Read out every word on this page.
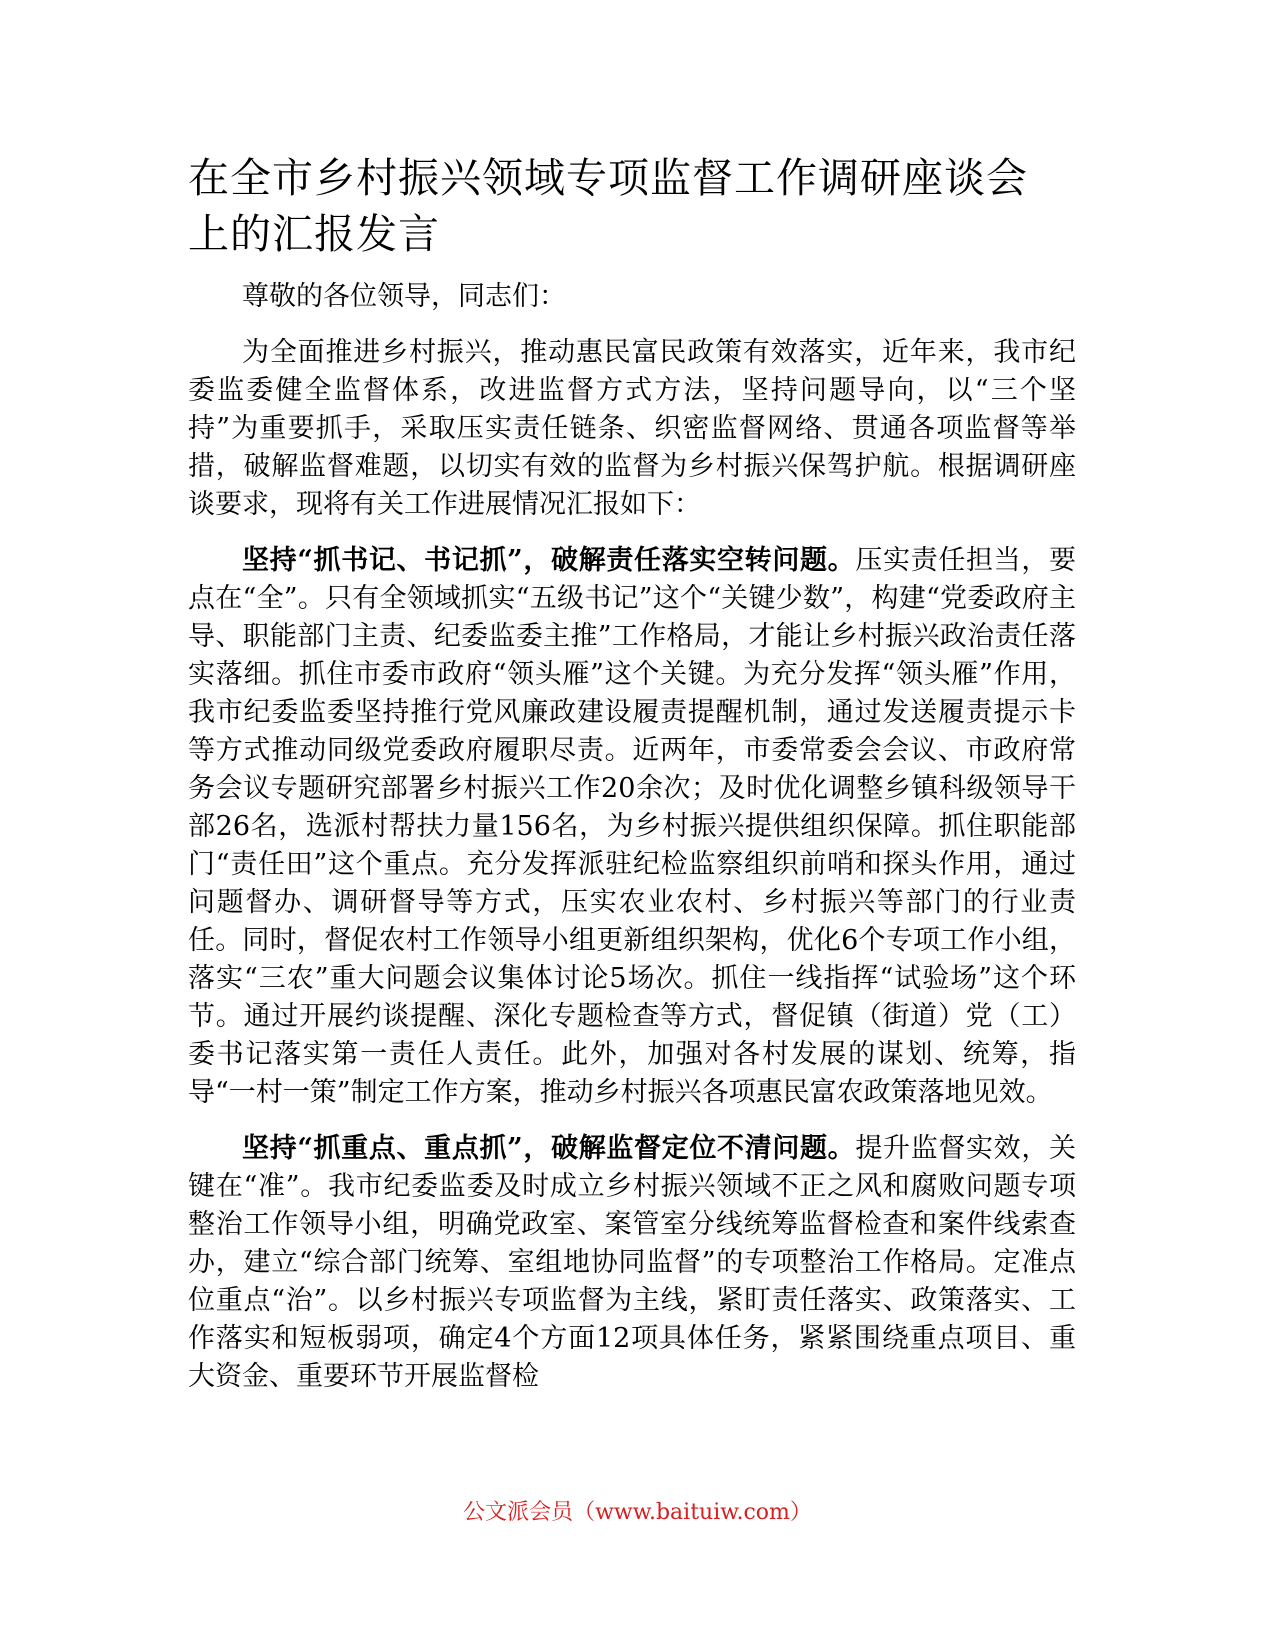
在全市乡村振兴领域专项监督工作调研座谈会上的汇报发言

尊敬的各位领导，同志们：

为全面推进乡村振兴，推动惠民富民政策有效落实，近年来，我市纪委监委健全监督体系，改进监督方式方法，坚持问题导向，以“三个坚持”为重要抓手，采取压实责任链条、织密监督网络、贯通各项监督等举措，破解监督难题，以切实有效的监督为乡村振兴保驾护航。根据调研座谈要求，现将有关工作进展情况汇报如下：

坚持“抓书记、书记抓”，破解责任落实空转问题。压实责任担当，要点在“全”。只有全领域抓实“五级书记”这个“关键少数”，构建“党委政府主导、职能部门主责、纪委监委主推”工作格局，才能让乡村振兴政治责任落实落细。抓住市委市政府“领头雁”这个关键。为充分发挥“领头雁”作用，我市纪委监委坚持推行党风廉政建设履责提醒机制，通过发送履责提示卡等方式推动同级党委政府履职尽责。近两年，市委常委会会议、市政府常务会议专题研究部署乡村振兴工作20余次；及时优化调整乡镇科级领导干部26名，选派村帮扶力量156名，为乡村振兴提供组织保障。抓住职能部门“责任田”这个重点。充分发挥派驻纪检监察组织前哨和探头作用，通过问题督办、调研督导等方式，压实农业农村、乡村振兴等部门的行业责任。同时，督促农村工作领导小组更新组织架构，优化6个专项工作小组，落实“三农”重大问题会议集体讨论5场次。抓住一线指挥“试验场”这个环节。通过开展约谈提醒、深化专题检查等方式，督促镇（街道）党（工）委书记落实第一责任人责任。此外，加强对各村发展的谋划、统筹，指导“一村一策”制定工作方案，推动乡村振兴各项惠民富农政策落地见效。

坚持“抓重点、重点抓”，破解监督定位不清问题。提升监督实效，关键在“准”。我市纪委监委及时成立乡村振兴领域不正之风和腐败问题专项整治工作领导小组，明确党政室、案管室分线统筹监督检查和案件线索查办，建立“综合部门统筹、室组地协同监督”的专项整治工作格局。定准点位重点“治”。以乡村振兴专项监督为主线，紧盯责任落实、政策落实、工作落实和短板弱项，确定4个方面12项具体任务，紧紧围绕重点项目、重大资金、重要环节开展监督检

公文派会员（www.baituiw.com）
